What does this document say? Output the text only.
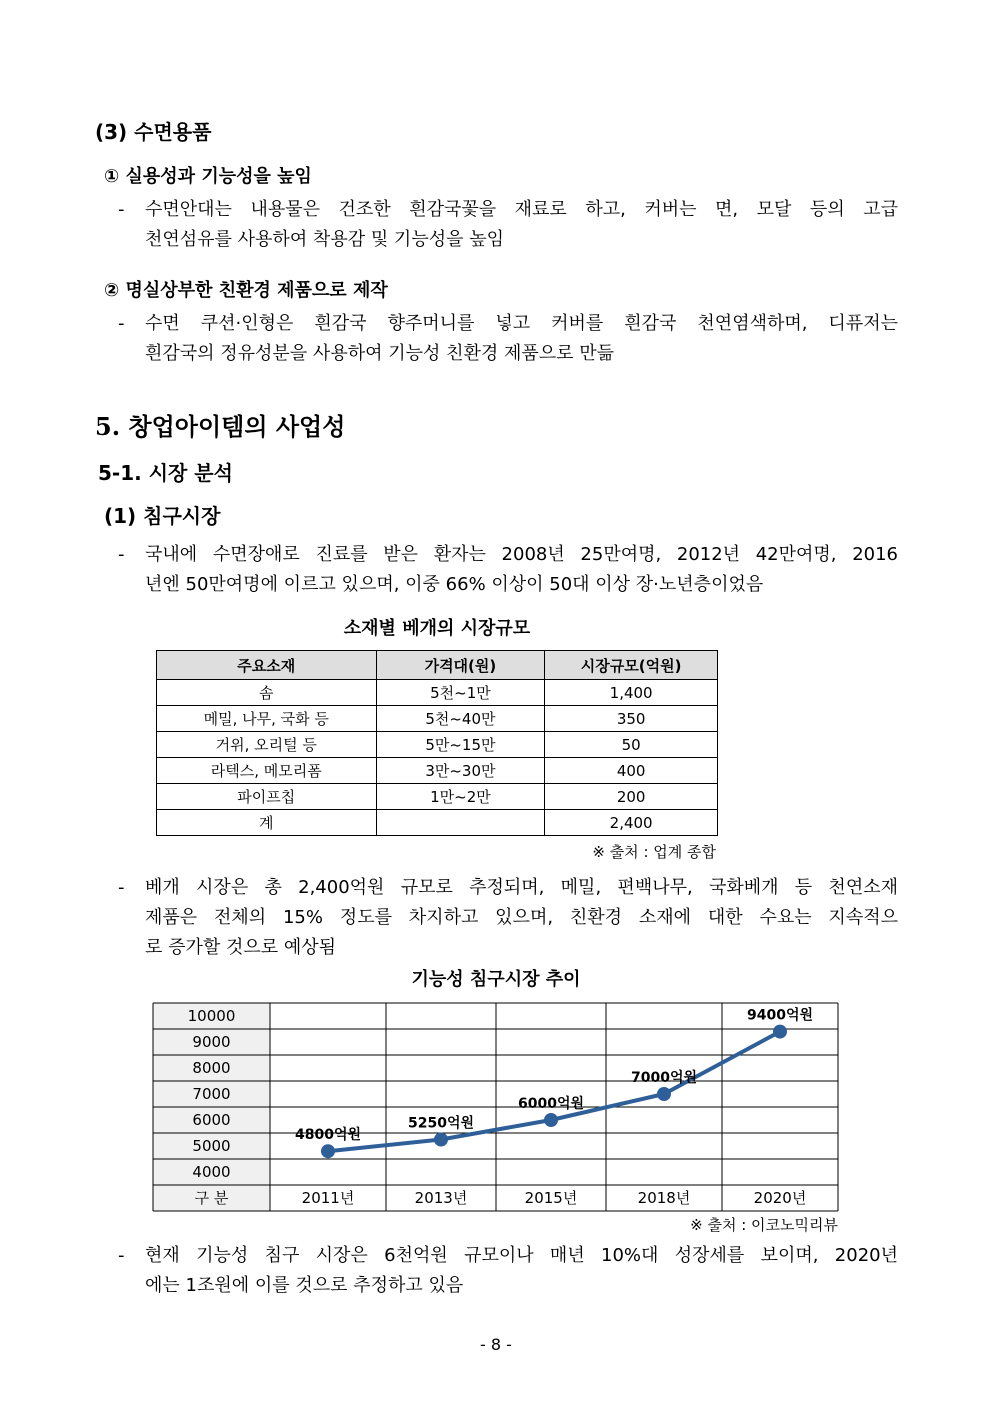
(3) 수면용품
① 실용성과 기능성을 높임
- 수면안대는 내용물은 건조한 흰감국꽃을 재료로 하고, 커버는 면, 모달 등의 고급
천연섬유를 사용하여 착용감 및 기능성을 높임
② 명실상부한 친환경 제품으로 제작
- 수면 쿠션·인형은 흰감국 향주머니를 넣고 커버를 흰감국 천연염색하며, 디퓨저는
흰감국의 정유성분을 사용하여 기능성 친환경 제품으로 만듦
5. 창업아이템의 사업성
5-1. 시장 분석
(1) 침구시장
- 국내에 수면장애로 진료를 받은 환자는 2008년 25만여명, 2012년 42만여명, 2016
년엔 50만여명에 이르고 있으며, 이중 66% 이상이 50대 이상 장·노년층이었음
소재별 베개의 시장규모
주요소재	가격대(원)	시장규모(억원)
솜	5천~1만	1,400
메밀, 나무, 국화 등	5천~40만	350
거위, 오리털 등	5만~15만	50
라텍스, 메모리폼	3만~30만	400
파이프칩	1만~2만	200
계		2,400
※ 출처 : 업계 종합
- 베개 시장은 총 2,400억원 규모로 추정되며, 메밀, 편백나무, 국화베개 등 천연소재
제품은 전체의 15% 정도를 차지하고 있으며, 친환경 소재에 대한 수요는 지속적으
로 증가할 것으로 예상됨
기능성 침구시장 추이
10000
9000
8000
7000
6000
5000
4000
구 분	2011년	2013년	2015년	2018년	2020년
4800억원
5250억원
6000억원
7000억원
9400억원
※ 출처 : 이코노믹리뷰
- 현재 기능성 침구 시장은 6천억원 규모이나 매년 10%대 성장세를 보이며, 2020년
에는 1조원에 이를 것으로 추정하고 있음
- 8 -
